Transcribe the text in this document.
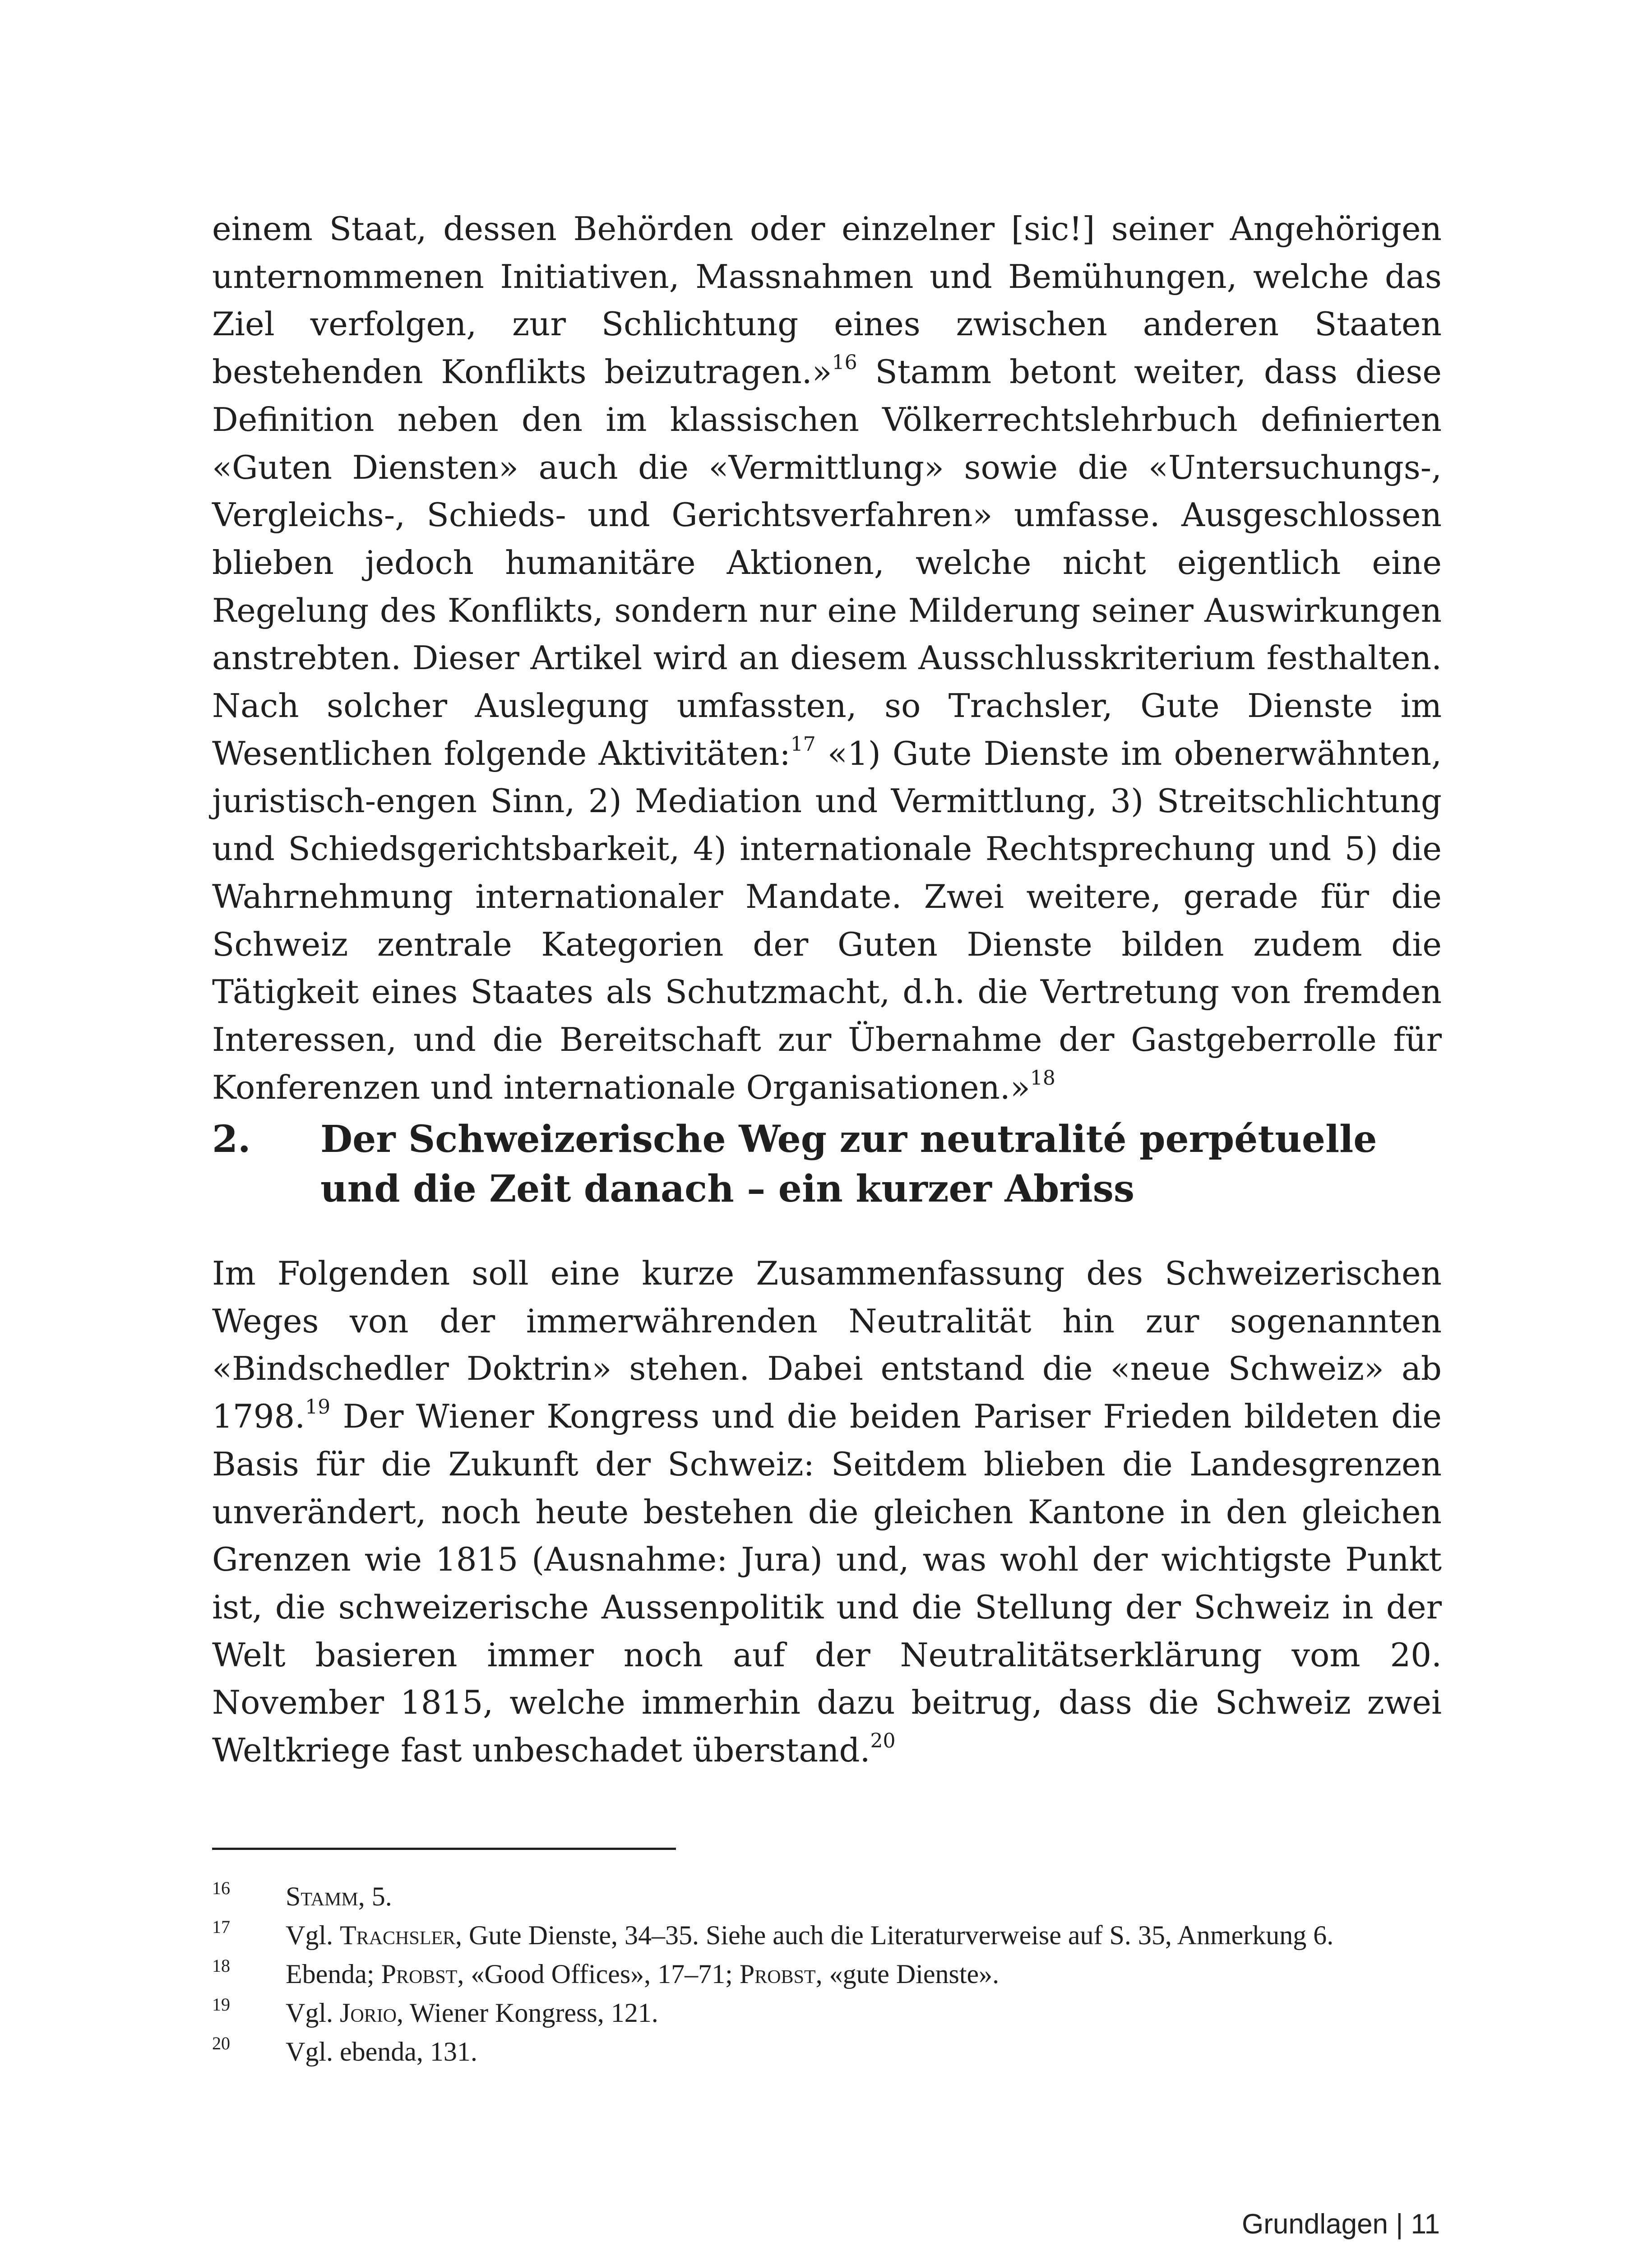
einem Staat, dessen Behörden oder einzelner [sic!] seiner Angehörigen unternommenen Initiativen, Massnahmen und Bemühungen, welche das Ziel verfolgen, zur Schlichtung eines zwischen anderen Staaten bestehenden Konflikts beizutragen.»$^{16}$ Stamm betont weiter, dass diese Definition neben den im klassischen Völkerrechtslehrbuch definierten «Guten Diensten» auch die «Vermittlung» sowie die «Untersuchungs-, Vergleichs-, Schieds- und Gerichtsverfahren» umfasse. Ausgeschlossen blieben jedoch humanitäre Aktionen, welche nicht eigentlich eine Regelung des Konflikts, sondern nur eine Milderung seiner Auswirkungen anstrebten. Dieser Artikel wird an diesem Ausschlusskriterium festhalten. Nach solcher Auslegung umfassten, so Trachsler, Gute Dienste im Wesentlichen folgende Aktivitäten:$^{17}$ «1) Gute Dienste im obenerwähnten, juristisch-engen Sinn, 2) Mediation und Vermittlung, 3) Streitschlichtung und Schiedsgerichtsbarkeit, 4) internationale Rechtsprechung und 5) die Wahrnehmung internationaler Mandate. Zwei weitere, gerade für die Schweiz zentrale Kategorien der Guten Dienste bilden zudem die Tätigkeit eines Staates als Schutzmacht, d.h. die Vertretung von fremden Interessen, und die Bereitschaft zur Übernahme der Gastgeberrolle für Konferenzen und internationale Organisationen.»$^{18}$

2.	Der Schweizerische Weg zur neutralité perpétuelle und die Zeit danach – ein kurzer Abriss

Im Folgenden soll eine kurze Zusammenfassung des Schweizerischen Weges von der immerwährenden Neutralität hin zur sogenannten «Bindschedler Doktrin» stehen. Dabei entstand die «neue Schweiz» ab 1798.19 Der Wiener Kongress und die beiden Pariser Frieden bildeten die Basis für die Zukunft der Schweiz: Seitdem blieben die Landesgrenzen unverändert, noch heute bestehen die gleichen Kantone in den gleichen Grenzen wie 1815 (Ausnahme: Jura) und, was wohl der wichtigste Punkt ist, die schweizerische Aussenpolitik und die Stellung der Schweiz in der Welt basieren immer noch auf der Neutralitätserklärung vom 20. November 1815, welche immerhin dazu beitrug, dass die Schweiz zwei Weltkriege fast unbeschadet überstand.$^{20}$

16	Stamm, 5.
17	Vgl. Trachsler, Gute Dienste, 34–35. Siehe auch die Literaturverweise auf S. 35, Anmerkung 6.
18	Ebenda; Probst, «Good Offices», 17–71; Probst, «gute Dienste».
19	Vgl. Jorio, Wiener Kongress, 121.
20	Vgl. ebenda, 131.
Grundlagen | 11
